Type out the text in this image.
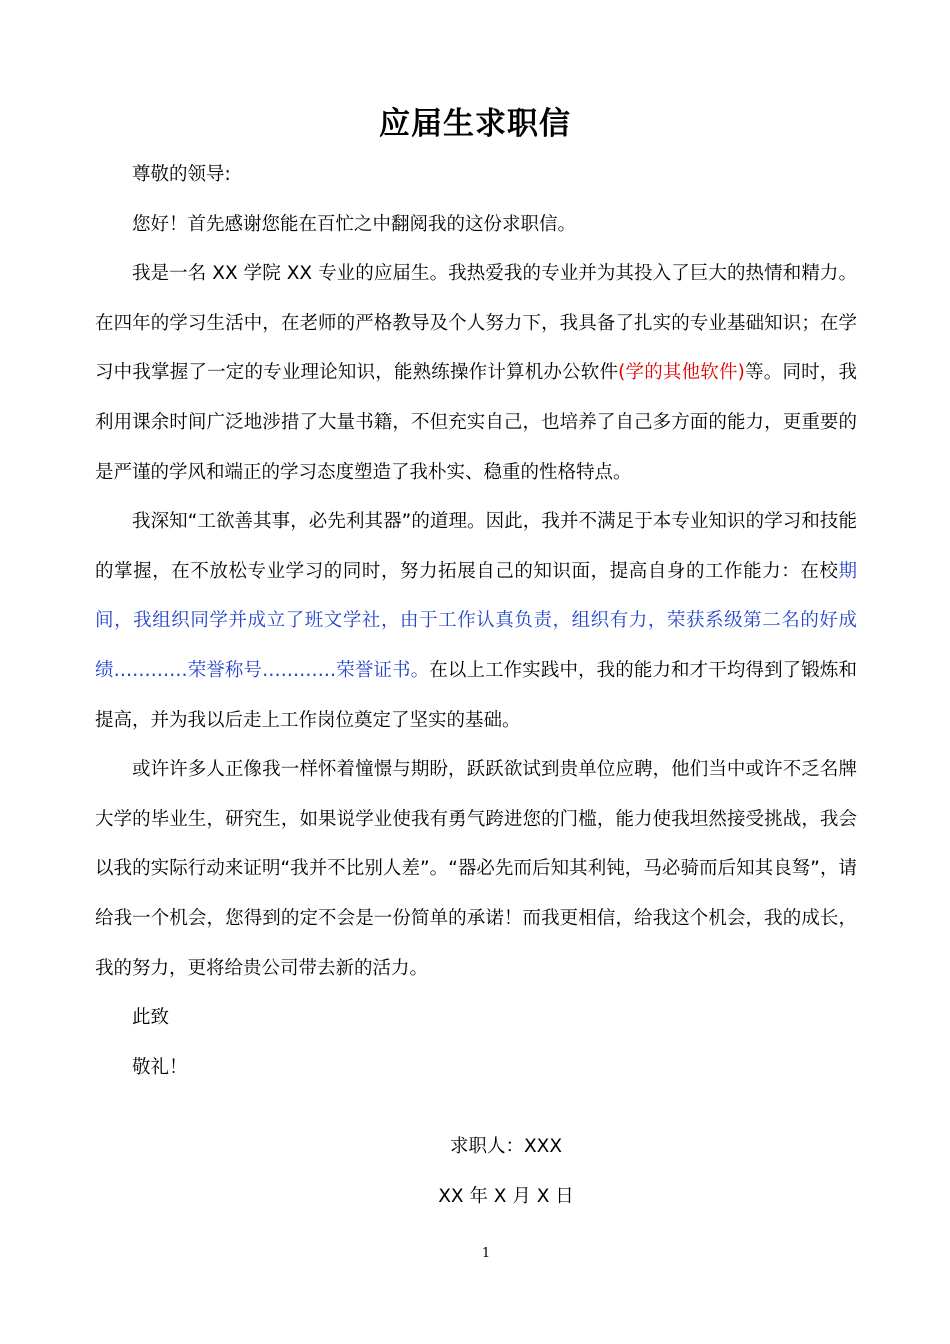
应届生求职信

尊敬的领导:

您好！首先感谢您能在百忙之中翻阅我的这份求职信。

我是一名 XX 学院 XX 专业的应届生。我热爱我的专业并为其投入了巨大的热情和精力。在四年的学习生活中，在老师的严格教导及个人努力下，我具备了扎实的专业基础知识；在学习中我掌握了一定的专业理论知识，能熟练操作计算机办公软件(学的其他软件)等。同时，我利用课余时间广泛地涉措了大量书籍，不但充实自己，也培养了自己多方面的能力，更重要的是严谨的学风和端正的学习态度塑造了我朴实、稳重的性格特点。

我深知“工欲善其事，必先利其器”的道理。因此，我并不满足于本专业知识的学习和技能的掌握，在不放松专业学习的同时，努力拓展自己的知识面，提高自身的工作能力：在校期间，我组织同学并成立了班文学社，由于工作认真负责，组织有力，荣获系级第二名的好成绩…………荣誉称号…………荣誉证书。在以上工作实践中，我的能力和才干均得到了锻炼和提高，并为我以后走上工作岗位奠定了坚实的基础。

或许许多人正像我一样怀着憧憬与期盼，跃跃欲试到贵单位应聘，他们当中或许不乏名牌大学的毕业生，研究生，如果说学业使我有勇气跨进您的门槛，能力使我坦然接受挑战，我会以我的实际行动来证明“我并不比别人差”。“器必先而后知其利钝，马必骑而后知其良驽”，请给我一个机会，您得到的定不会是一份简单的承诺！而我更相信，给我这个机会，我的成长，我的努力，更将给贵公司带去新的活力。

此致

敬礼！

求职人：XXX
XX 年 X 月 X 日
1
